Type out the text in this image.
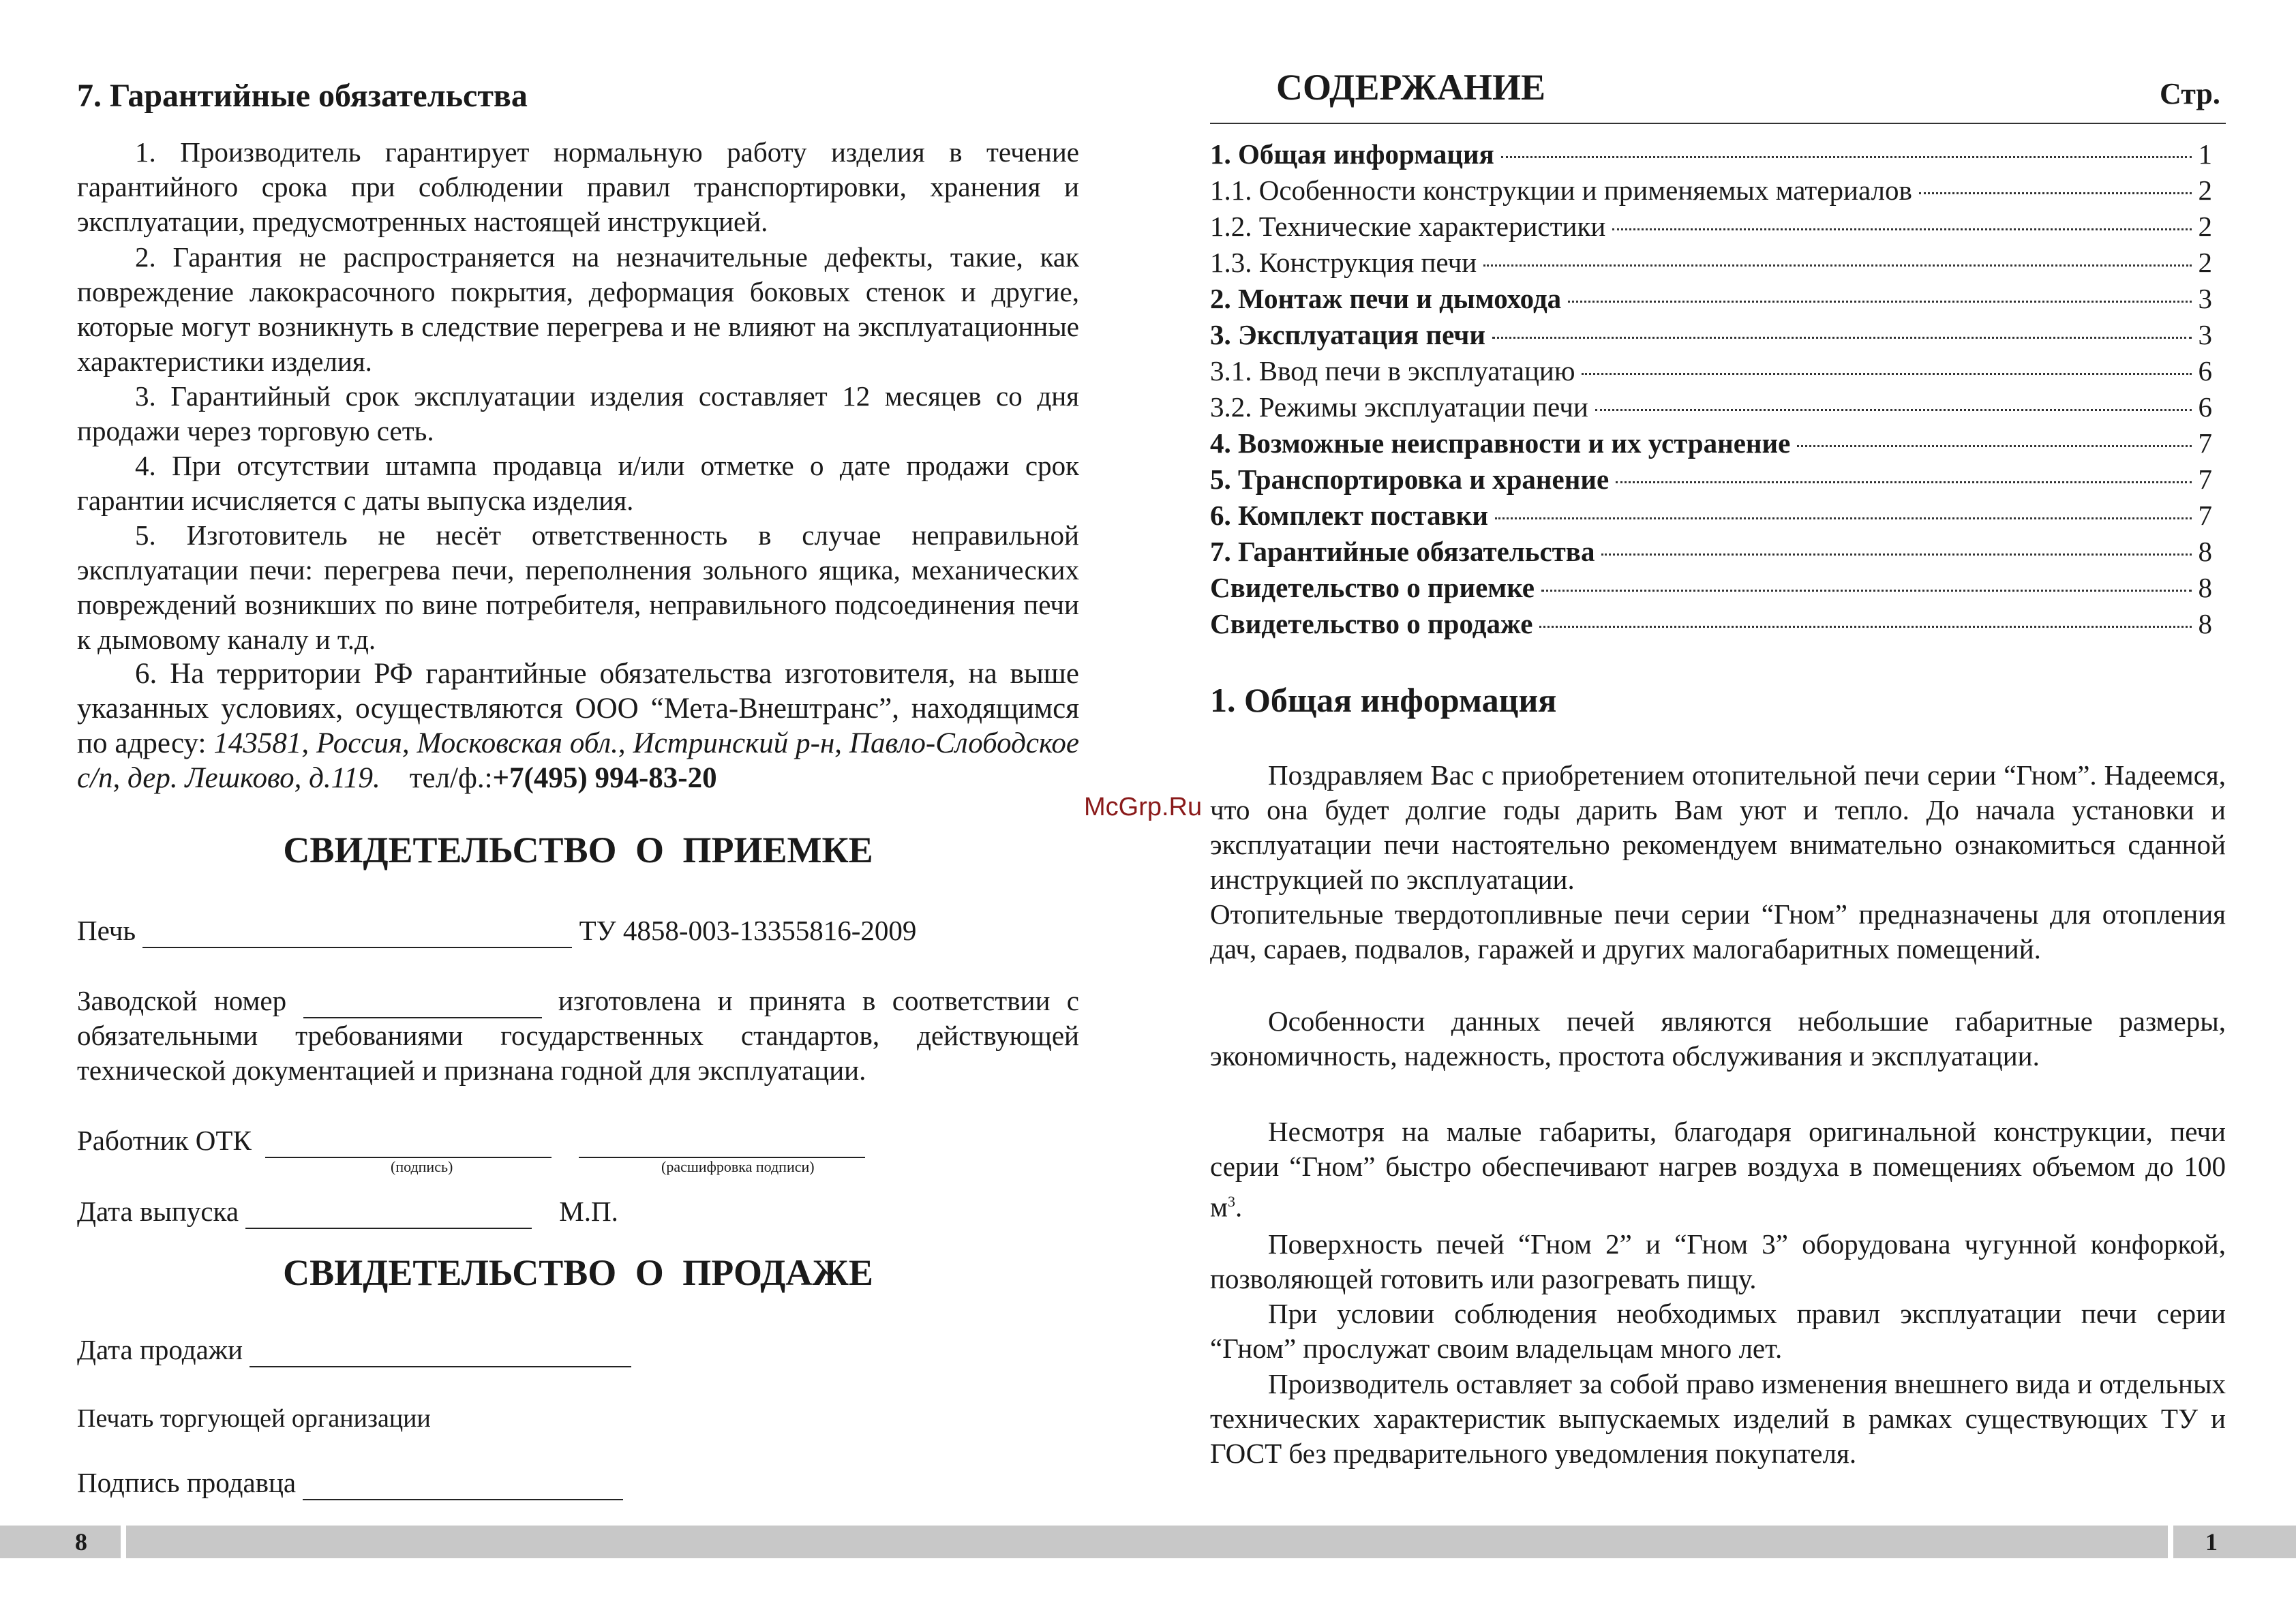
7. Гарантийные обязательства
1. Производитель гарантирует нормальную работу изделия в течение гарантийного срока при соблюдении правил транспортировки, хранения и эксплуатации, предусмотренных настоящей инструкцией.
2. Гарантия не распространяется на незначительные дефекты, такие, как повреждение лакокрасочного покрытия, деформация боковых стенок и другие, которые могут возникнуть в следствие перегрева и не влияют на эксплуатационные характеристики изделия.
3. Гарантийный срок эксплуатации изделия составляет 12 месяцев со дня продажи через торговую сеть.
4. При отсутствии штампа продавца и/или отметке о дате продажи срок гарантии исчисляется с даты выпуска изделия.
5. Изготовитель не несёт ответственность в случае неправильной эксплуатации печи: перегрева печи, переполнения зольного ящика, механических повреждений возникших по вине потребителя, неправильного подсоединения печи к дымовому каналу и т.д.
6. На территории РФ гарантийные обязательства изготовителя, на выше указанных условиях, осуществляются ООО “Мета-Внештранс”, находящимся по адресу: 143581, Россия, Московская обл., Истринский р-н, Павло-Слободское с/п, дер. Лешково, д.119. тел/ф.:+7(495) 994-83-20
СВИДЕТЕЛЬСТВО О ПРИЕМКЕ
Печь	ТУ 4858-003-13355816-2009
Заводской номер	изготовлена и принята в соответствии с обязательными требованиями государственных стандартов, действующей технической документацией и признана годной для эксплуатации.
Работник ОТК
(подпись)	(расшифровка подписи)
Дата выпуска	М.П.
СВИДЕТЕЛЬСТВО О ПРОДАЖЕ
Дата продажи
Печать торгующей организации
Подпись продавца
СОДЕРЖАНИЕ	Стр.
1. Общая информация	1
1.1. Особенности конструкции и применяемых материалов	2
1.2. Технические характеристики	2
1.3. Конструкция печи	2
2. Монтаж печи и дымохода	3
3. Эксплуатация печи	3
3.1. Ввод печи в эксплуатацию	6
3.2. Режимы эксплуатации печи	6
4. Возможные неисправности и их устранение	7
5. Транспортировка и хранение	7
6. Комплект поставки	7
7. Гарантийные обязательства	8
Свидетельство о приемке	8
Свидетельство о продаже	8
1. Общая информация
Поздравляем Вас с приобретением отопительной печи серии “Гном”. Надеемся, что она будет долгие годы дарить Вам уют и тепло. До начала установки и эксплуатации печи настоятельно рекомендуем внимательно ознакомиться сданной инструкцией по эксплуатации.
Отопительные твердотопливные печи серии “Гном” предназначены для отопления дач, сараев, подвалов, гаражей и других малогабаритных помещений.
Особенности данных печей являются небольшие габаритные размеры, экономичность, надежность, простота обслуживания и эксплуатации.
Несмотря на малые габариты, благодаря оригинальной конструкции, печи серии “Гном” быстро обеспечивают нагрев воздуха в помещениях объемом до 100 $м^3$.
Поверхность печей “Гном 2” и “Гном 3” оборудована чугунной конфоркой, позволяющей готовить или разогревать пищу.
При условии соблюдения необходимых правил эксплуатации печи серии “Гном” прослужат своим владельцам много лет.
Производитель оставляет за собой право изменения внешнего вида и отдельных технических характеристик выпускаемых изделий в рамках существующих ТУ и ГОСТ без предварительного уведомления покупателя.
McGrp.Ru
8	1
